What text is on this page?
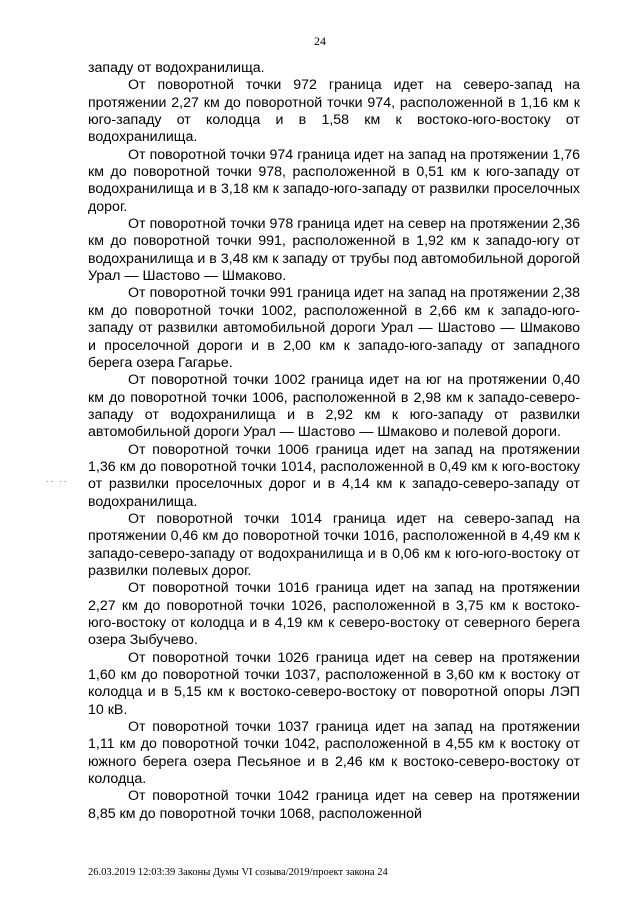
24
.. ..

западу от водохранилища.

От поворотной точки 972 граница идет на северо-запад на протяжении 2,27 км до поворотной точки 974, расположенной в 1,16 км к юго-западу от колодца и в 1,58 км к востоко-юго-востоку от водохранилища.

От поворотной точки 974 граница идет на запад на протяжении 1,76 км до поворотной точки 978, расположенной в 0,51 км к юго-западу от водохранилища и в 3,18 км к западо-юго-западу от развилки проселочных дорог.

От поворотной точки 978 граница идет на север на протяжении 2,36 км до поворотной точки 991, расположенной в 1,92 км к западо-югу от водохранилища и в 3,48 км к западу от трубы под автомобильной дорогой Урал — Шастово — Шмаково.

От поворотной точки 991 граница идет на запад на протяжении 2,38 км до поворотной точки 1002, расположенной в 2,66 км к западо-юго-западу от развилки автомобильной дороги Урал — Шастово — Шмаково и проселочной дороги и в 2,00 км к западо-юго-западу от западного берега озера Гагарье.

От поворотной точки 1002 граница идет на юг на протяжении 0,40 км до поворотной точки 1006, расположенной в 2,98 км к западо-северо-западу от водохранилища и в 2,92 км к юго-западу от развилки автомобильной дороги Урал — Шастово — Шмаково и полевой дороги.

От поворотной точки 1006 граница идет на запад на протяжении 1,36 км до поворотной точки 1014, расположенной в 0,49 км к юго-востоку от развилки проселочных дорог и в 4,14 км к западо-северо-западу от водохранилища.

От поворотной точки 1014 граница идет на северо-запад на протяжении 0,46 км до поворотной точки 1016, расположенной в 4,49 км к западо-северо-западу от водохранилища и в 0,06 км к юго-юго-востоку от развилки полевых дорог.

От поворотной точки 1016 граница идет на запад на протяжении 2,27 км до поворотной точки 1026, расположенной в 3,75 км к востоко-юго-востоку от колодца и в 4,19 км к северо-востоку от северного берега озера Зыбучево.

От поворотной точки 1026 граница идет на север на протяжении 1,60 км до поворотной точки 1037, расположенной в 3,60 км к востоку от колодца и в 5,15 км к востоко-северо-востоку от поворотной опоры ЛЭП 10 кВ.

От поворотной точки 1037 граница идет на запад на протяжении 1,11 км до поворотной точки 1042, расположенной в 4,55 км к востоку от южного берега озера Песьяное и в 2,46 км к востоко-северо-востоку от колодца.

От поворотной точки 1042 граница идет на север на протяжении 8,85 км до поворотной точки 1068, расположенной

26.03.2019 12:03:39 Законы Думы VI созыва/2019/проект закона 24
